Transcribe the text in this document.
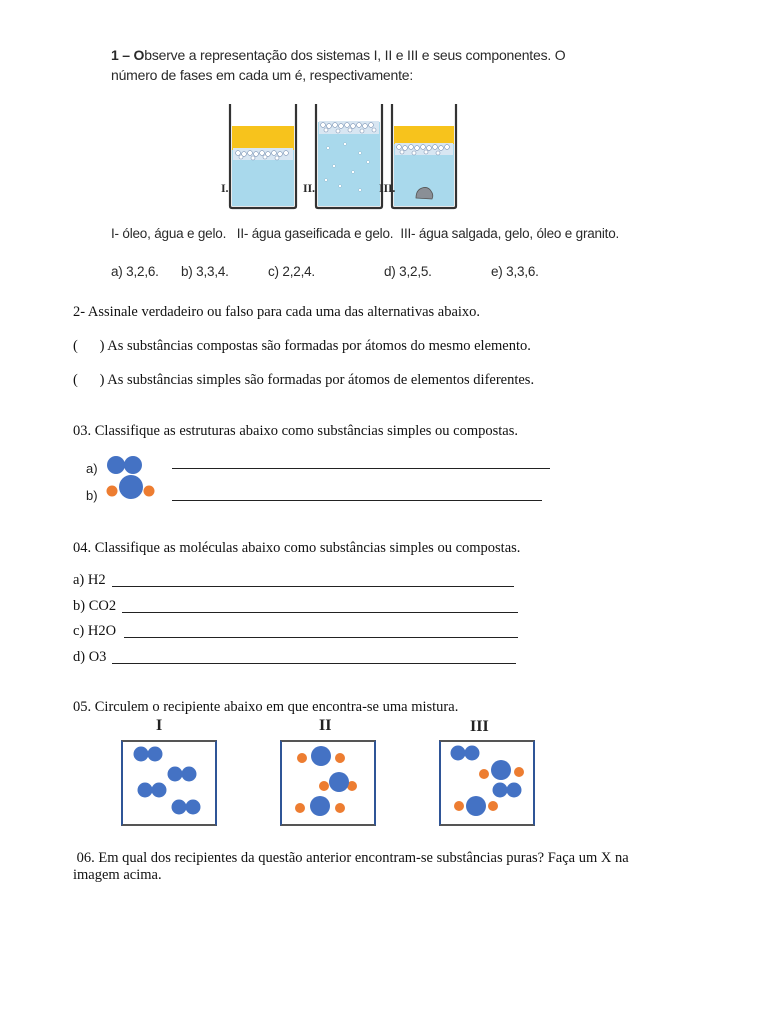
1 – Observe a representação dos sistemas I, II e III e seus componentes. O número de fases em cada um é, respectivamente:
I.	II.	III.
I- óleo, água e gelo.   II- água gaseificada e gelo.  III- água salgada, gelo, óleo e granito.
a) 3,2,6. b) 3,3,4.	c) 2,2,4.	d) 3,2,5.	e) 3,3,6.
2- Assinale verdadeiro ou falso para cada uma das alternativas abaixo.
(      ) As substâncias compostas são formadas por átomos do mesmo elemento.
(      ) As substâncias simples são formadas por átomos de elementos diferentes.
03. Classifique as estruturas abaixo como substâncias simples ou compostas.
a)
b)
04. Classifique as moléculas abaixo como substâncias simples ou compostas.
a) H2
b) CO2
c) H2O
d) O3
05. Circulem o recipiente abaixo em que encontra-se uma mistura.
I	II	III
06. Em qual dos recipientes da questão anterior encontram-se substâncias puras? Faça um X na
imagem acima.
